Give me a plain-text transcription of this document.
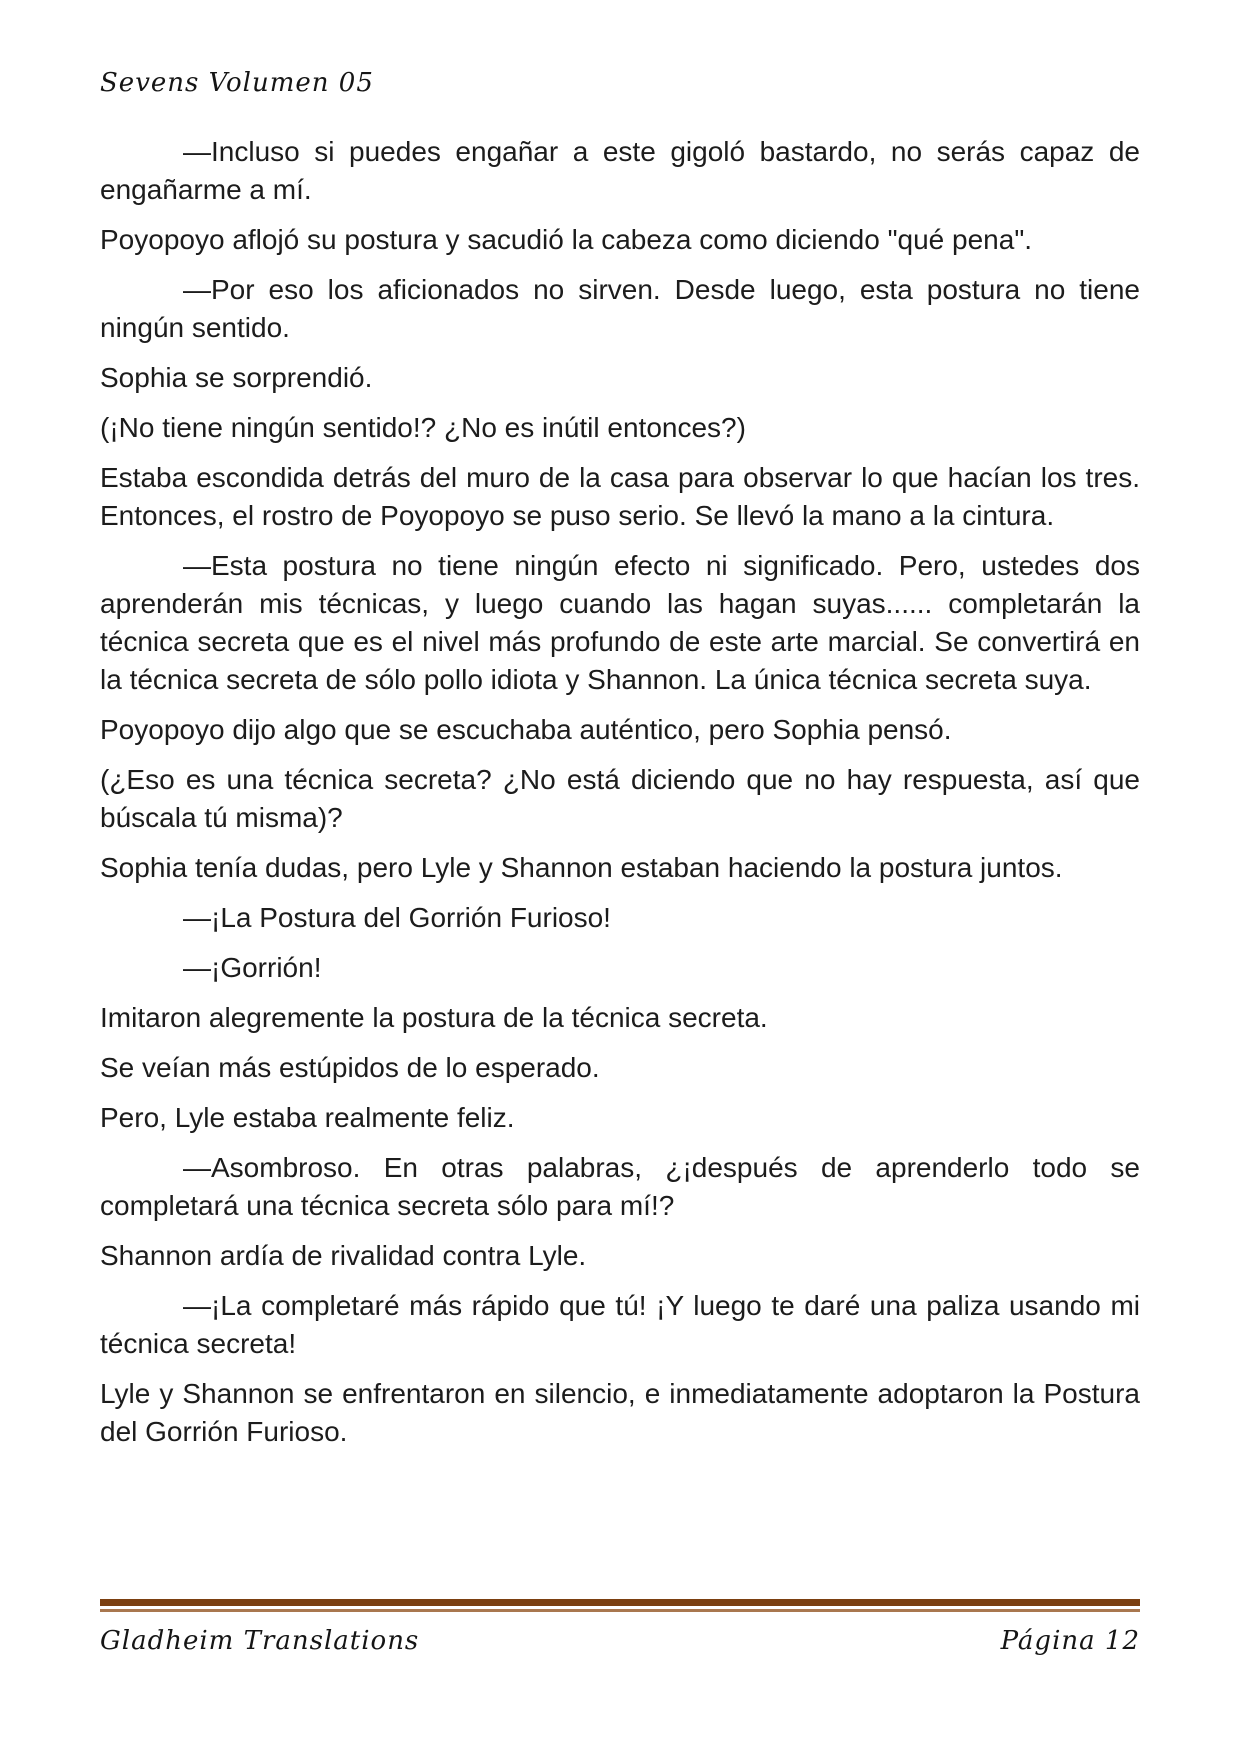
Sevens Volumen 05

—Incluso si puedes engañar a este gigoló bastardo, no serás capaz de engañarme a mí.

Poyopoyo aflojó su postura y sacudió la cabeza como diciendo "qué pena".

—Por eso los aficionados no sirven. Desde luego, esta postura no tiene ningún sentido.

Sophia se sorprendió.

(¡No tiene ningún sentido!? ¿No es inútil entonces?)

Estaba escondida detrás del muro de la casa para observar lo que hacían los tres. Entonces, el rostro de Poyopoyo se puso serio. Se llevó la mano a la cintura.

—Esta postura no tiene ningún efecto ni significado. Pero, ustedes dos aprenderán mis técnicas, y luego cuando las hagan suyas...... completarán la técnica secreta que es el nivel más profundo de este arte marcial. Se convertirá en la técnica secreta de sólo pollo idiota y Shannon. La única técnica secreta suya.

Poyopoyo dijo algo que se escuchaba auténtico, pero Sophia pensó.

(¿Eso es una técnica secreta? ¿No está diciendo que no hay respuesta, así que búscala tú misma)?

Sophia tenía dudas, pero Lyle y Shannon estaban haciendo la postura juntos.

—¡La Postura del Gorrión Furioso!

—¡Gorrión!

Imitaron alegremente la postura de la técnica secreta.

Se veían más estúpidos de lo esperado.

Pero, Lyle estaba realmente feliz.

—Asombroso. En otras palabras, ¿¡después de aprenderlo todo se completará una técnica secreta sólo para mí!?

Shannon ardía de rivalidad contra Lyle.

—¡La completaré más rápido que tú! ¡Y luego te daré una paliza usando mi técnica secreta!

Lyle y Shannon se enfrentaron en silencio, e inmediatamente adoptaron la Postura del Gorrión Furioso.

Gladheim Translations	Página 12
